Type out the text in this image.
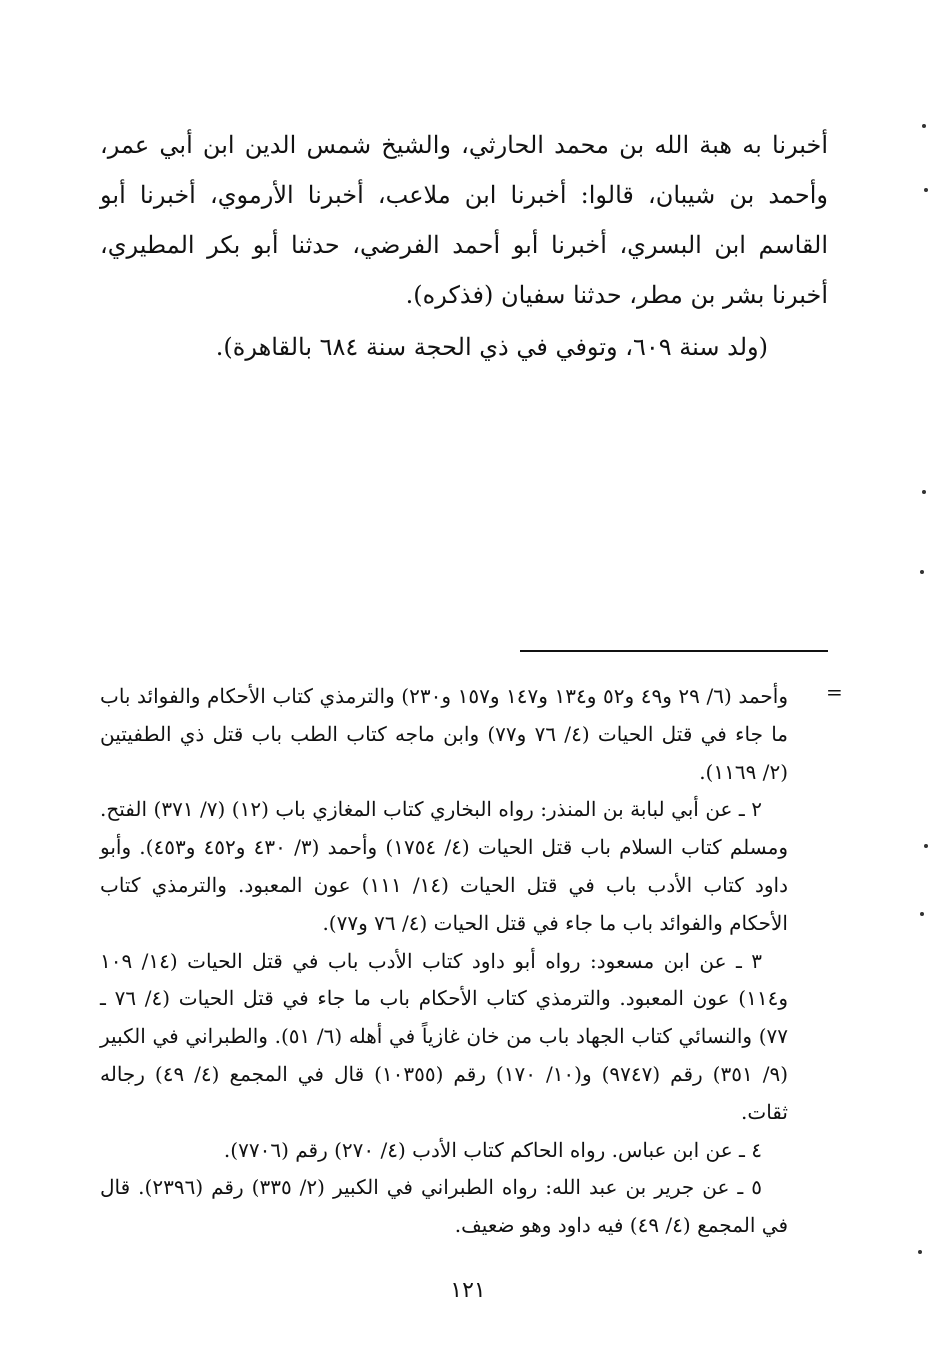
أخبرنا به هبة الله بن محمد الحارثي، والشيخ شمس الدين ابن أبي عمر، وأحمد بن شيبان، قالوا: أخبرنا ابن ملاعب، أخبرنا الأرموي، أخبرنا أبو القاسم ابن البسري، أخبرنا أبو أحمد الفرضي، حدثنا أبو بكر المطيري، أخبرنا بشر بن مطر، حدثنا سفيان (فذكره).

(ولد سنة ٦٠٩، وتوفي في ذي الحجة سنة ٦٨٤ بالقاهرة).

=

وأحمد (٦/ ٢٩ و٤٩ و٥٢ و١٣٤ و١٤٧ و١٥٧ و٢٣٠) والترمذي كتاب الأحكام والفوائد باب ما جاء في قتل الحيات (٤/ ٧٦ و٧٧) وابن ماجه كتاب الطب باب قتل ذي الطفيتين (٢/ ١١٦٩).

٢ ـ عن أبي لبابة بن المنذر: رواه البخاري كتاب المغازي باب (١٢) (٧/ ٣٧١) الفتح. ومسلم كتاب السلام باب قتل الحيات (٤/ ١٧٥٤) وأحمد (٣/ ٤٣٠ و٤٥٢ و٤٥٣). وأبو داود كتاب الأدب باب في قتل الحيات (١٤/ ١١١) عون المعبود. والترمذي كتاب الأحكام والفوائد باب ما جاء في قتل الحيات (٤/ ٧٦ و٧٧).

٣ ـ عن ابن مسعود: رواه أبو داود كتاب الأدب باب في قتل الحيات (١٤/ ١٠٩ و١١٤) عون المعبود. والترمذي كتاب الأحكام باب ما جاء في قتل الحيات (٤/ ٧٦ ـ ٧٧) والنسائي كتاب الجهاد باب من خان غازياً في أهله (٦/ ٥١). والطبراني في الكبير (٩/ ٣٥١) رقم (٩٧٤٧) و(١٠/ ١٧٠) رقم (١٠٣٥٥) قال في المجمع (٤/ ٤٩) رجاله ثقات.

٤ ـ عن ابن عباس. رواه الحاكم كتاب الأدب (٤/ ٢٧٠) رقم (٧٧٠٦).

٥ ـ عن جرير بن عبد الله: رواه الطبراني في الكبير (٢/ ٣٣٥) رقم (٢٣٩٦). قال في المجمع (٤/ ٤٩) فيه داود وهو ضعيف.

١٢١
